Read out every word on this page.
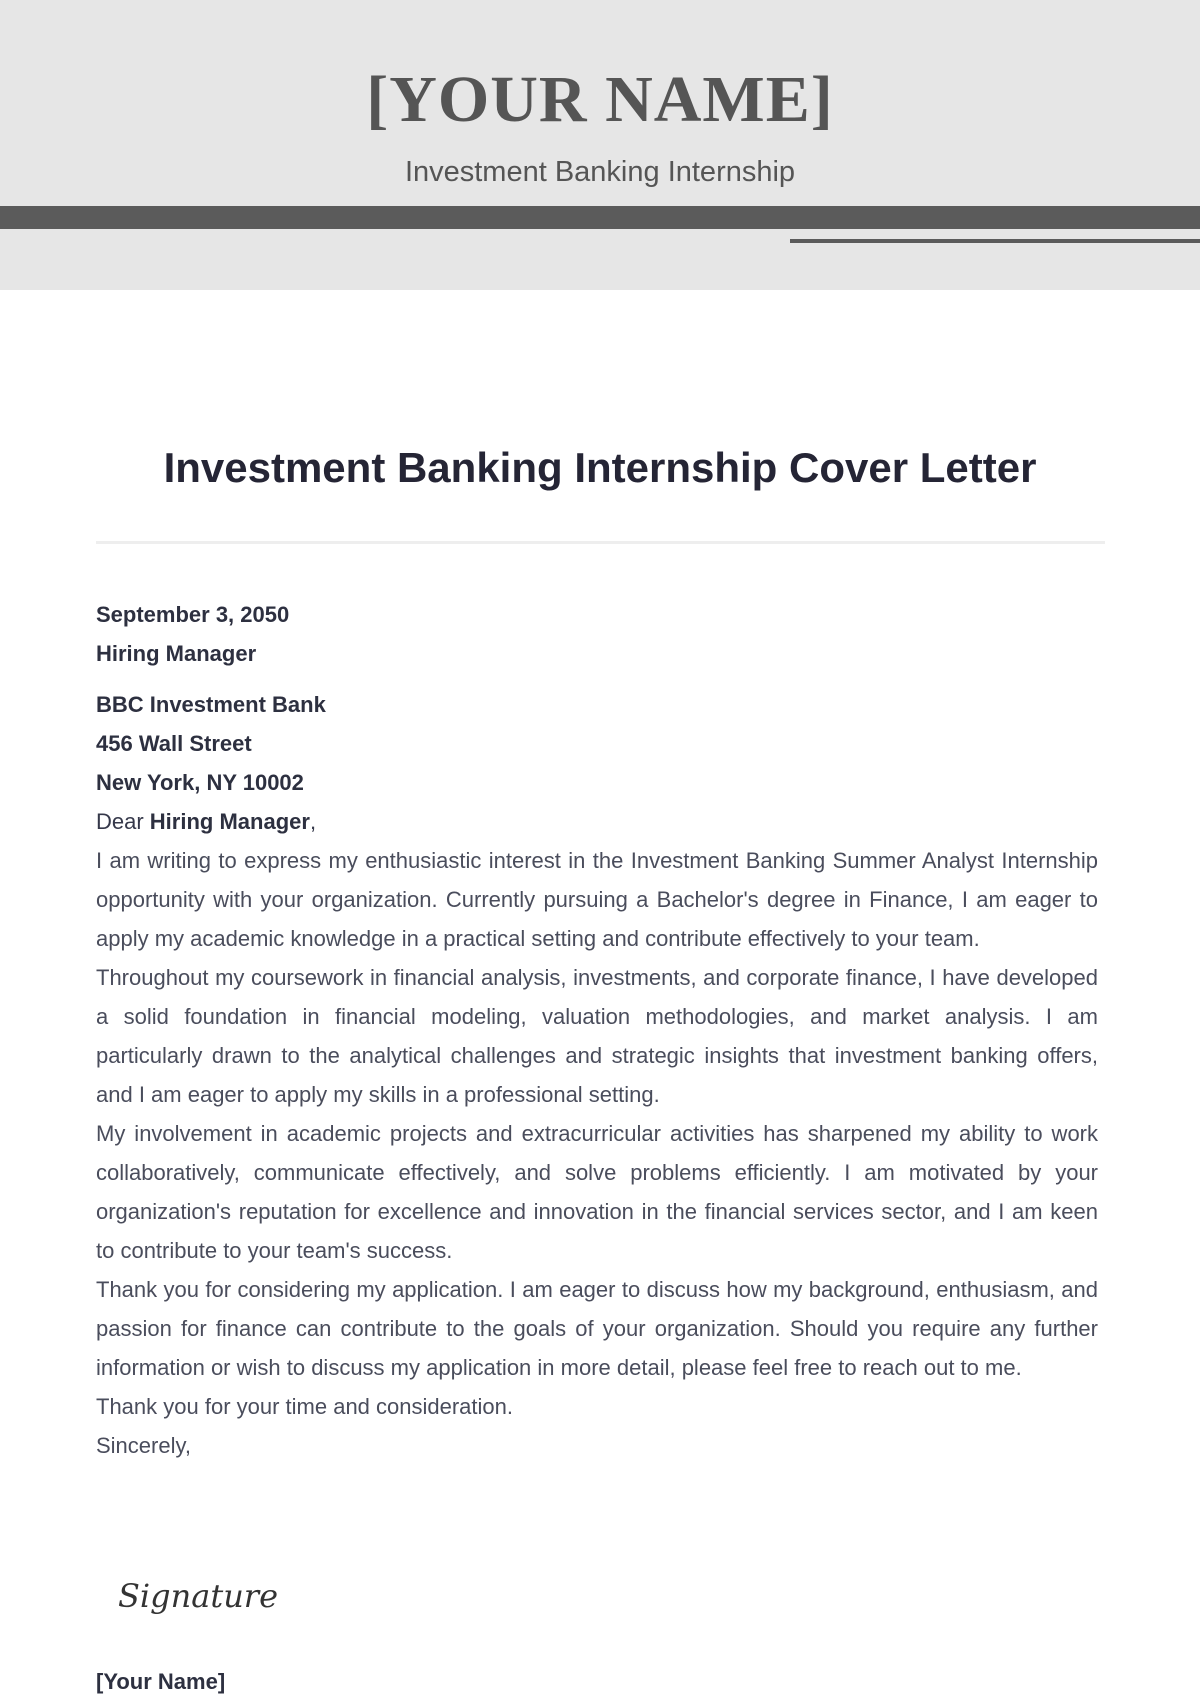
[YOUR NAME]
Investment Banking Internship
Investment Banking Internship Cover Letter
September 3, 2050
Hiring Manager
BBC Investment Bank
456 Wall Street
New York, NY 10002
Dear Hiring Manager,

I am writing to express my enthusiastic interest in the Investment Banking Summer Analyst Internship opportunity with your organization. Currently pursuing a Bachelor's degree in Finance, I am eager to apply my academic knowledge in a practical setting and contribute effectively to your team.

Throughout my coursework in financial analysis, investments, and corporate finance, I have developed a solid foundation in financial modeling, valuation methodologies, and market analysis. I am particularly drawn to the analytical challenges and strategic insights that investment banking offers, and I am eager to apply my skills in a professional setting.

My involvement in academic projects and extracurricular activities has sharpened my ability to work collaboratively, communicate effectively, and solve problems efficiently. I am motivated by your organization's reputation for excellence and innovation in the financial services sector, and I am keen to contribute to your team's success.

Thank you for considering my application. I am eager to discuss how my background, enthusiasm, and passion for finance can contribute to the goals of your organization. Should you require any further information or wish to discuss my application in more detail, please feel free to reach out to me.

Thank you for your time and consideration.

Sincerely,

Signature
[Your Name]
